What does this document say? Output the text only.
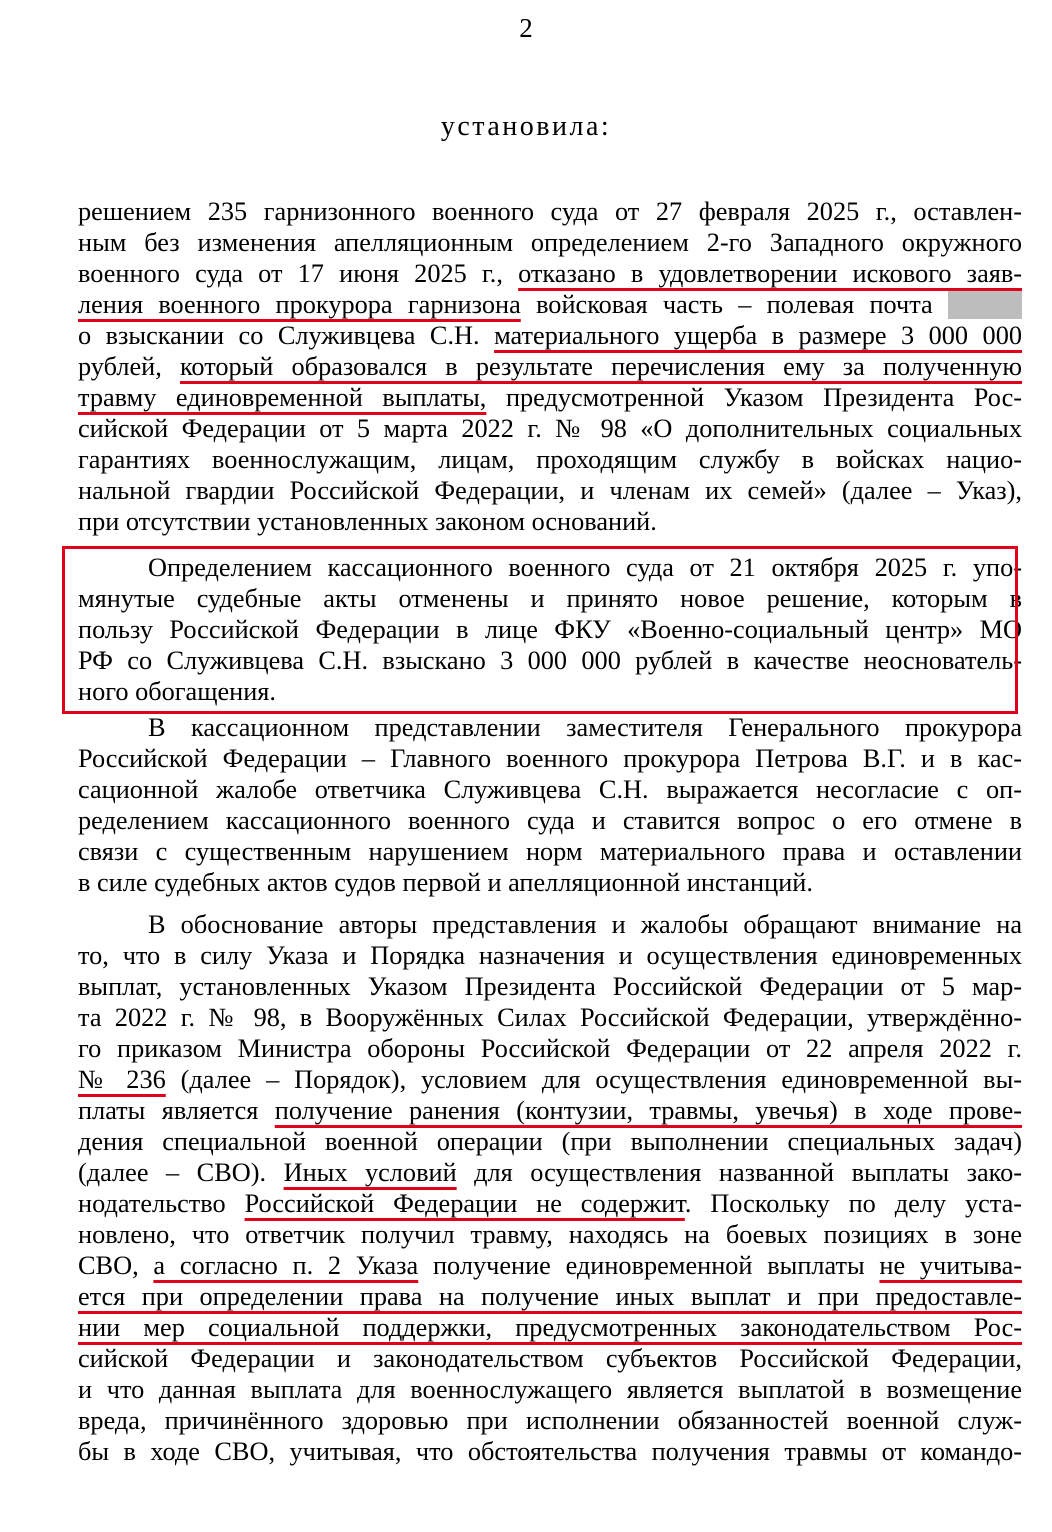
2
установила:
решением 235 гарнизонного военного суда от 27 февраля 2025 г., оставлен-
ным без изменения апелляционным определением 2-го Западного окружного
военного суда от 17 июня 2025 г., отказано в удовлетворении искового заяв-
ления военного прокурора гарнизона войсковая часть – полевая почта
о взыскании со Служивцева С.Н. материального ущерба в размере 3 000 000
рублей, который образовался в результате перечисления ему за полученную
травму единовременной выплаты, предусмотренной Указом Президента Рос-
сийской Федерации от 5 марта 2022 г. № 98 «О дополнительных социальных
гарантиях военнослужащим, лицам, проходящим службу в войсках нацио-
нальной гвардии Российской Федерации, и членам их семей» (далее – Указ),
при отсутствии установленных законом оснований.
Определением кассационного военного суда от 21 октября 2025 г. упо-
мянутые судебные акты отменены и принято новое решение, которым в
пользу Российской Федерации в лице ФКУ «Военно-социальный центр» МО
РФ со Служивцева С.Н. взыскано 3 000 000 рублей в качестве неоснователь-
ного обогащения.
В кассационном представлении заместителя Генерального прокурора
Российской Федерации – Главного военного прокурора Петрова В.Г. и в кас-
сационной жалобе ответчика Служивцева С.Н. выражается несогласие с оп-
ределением кассационного военного суда и ставится вопрос о его отмене в
связи с существенным нарушением норм материального права и оставлении
в силе судебных актов судов первой и апелляционной инстанций.
В обоснование авторы представления и жалобы обращают внимание на
то, что в силу Указа и Порядка назначения и осуществления единовременных
выплат, установленных Указом Президента Российской Федерации от 5 мар-
та 2022 г. № 98, в Вооружённых Силах Российской Федерации, утверждённо-
го приказом Министра обороны Российской Федерации от 22 апреля 2022 г.
№ 236 (далее – Порядок), условием для осуществления единовременной вы-
платы является получение ранения (контузии, травмы, увечья) в ходе прове-
дения специальной военной операции (при выполнении специальных задач)
(далее – СВО). Иных условий для осуществления названной выплаты зако-
нодательство Российской Федерации не содержит. Поскольку по делу уста-
новлено, что ответчик получил травму, находясь на боевых позициях в зоне
СВО, а согласно п. 2 Указа получение единовременной выплаты не учитыва-
ется при определении права на получение иных выплат и при предоставле-
нии мер социальной поддержки, предусмотренных законодательством Рос-
сийской Федерации и законодательством субъектов Российской Федерации,
и что данная выплата для военнослужащего является выплатой в возмещение
вреда, причинённого здоровью при исполнении обязанностей военной служ-
бы в ходе СВО, учитывая, что обстоятельства получения травмы от командо-
